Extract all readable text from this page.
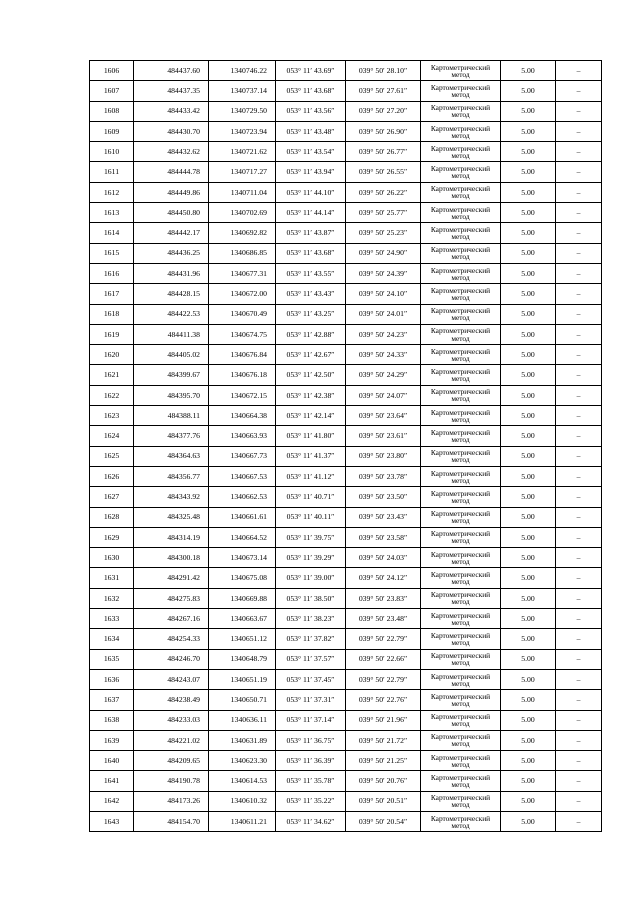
1606	484437.60	1340746.22	053° 11′ 43.69″	039° 50′ 28.10″	Картометрический метод	5.00	–
1607	484437.35	1340737.14	053° 11′ 43.68″	039° 50′ 27.61″	Картометрический метод	5.00	–
1608	484433.42	1340729.50	053° 11′ 43.56″	039° 50′ 27.20″	Картометрический метод	5.00	–
1609	484430.70	1340723.94	053° 11′ 43.48″	039° 50′ 26.90″	Картометрический метод	5.00	–
1610	484432.62	1340721.62	053° 11′ 43.54″	039° 50′ 26.77″	Картометрический метод	5.00	–
1611	484444.78	1340717.27	053° 11′ 43.94″	039° 50′ 26.55″	Картометрический метод	5.00	–
1612	484449.86	1340711.04	053° 11′ 44.10″	039° 50′ 26.22″	Картометрический метод	5.00	–
1613	484450.80	1340702.69	053° 11′ 44.14″	039° 50′ 25.77″	Картометрический метод	5.00	–
1614	484442.17	1340692.82	053° 11′ 43.87″	039° 50′ 25.23″	Картометрический метод	5.00	–
1615	484436.25	1340686.85	053° 11′ 43.68″	039° 50′ 24.90″	Картометрический метод	5.00	–
1616	484431.96	1340677.31	053° 11′ 43.55″	039° 50′ 24.39″	Картометрический метод	5.00	–
1617	484428.15	1340672.00	053° 11′ 43.43″	039° 50′ 24.10″	Картометрический метод	5.00	–
1618	484422.53	1340670.49	053° 11′ 43.25″	039° 50′ 24.01″	Картометрический метод	5.00	–
1619	484411.38	1340674.75	053° 11′ 42.88″	039° 50′ 24.23″	Картометрический метод	5.00	–
1620	484405.02	1340676.84	053° 11′ 42.67″	039° 50′ 24.33″	Картометрический метод	5.00	–
1621	484399.67	1340676.18	053° 11′ 42.50″	039° 50′ 24.29″	Картометрический метод	5.00	–
1622	484395.70	1340672.15	053° 11′ 42.38″	039° 50′ 24.07″	Картометрический метод	5.00	–
1623	484388.11	1340664.38	053° 11′ 42.14″	039° 50′ 23.64″	Картометрический метод	5.00	–
1624	484377.76	1340663.93	053° 11′ 41.80″	039° 50′ 23.61″	Картометрический метод	5.00	–
1625	484364.63	1340667.73	053° 11′ 41.37″	039° 50′ 23.80″	Картометрический метод	5.00	–
1626	484356.77	1340667.53	053° 11′ 41.12″	039° 50′ 23.78″	Картометрический метод	5.00	–
1627	484343.92	1340662.53	053° 11′ 40.71″	039° 50′ 23.50″	Картометрический метод	5.00	–
1628	484325.48	1340661.61	053° 11′ 40.11″	039° 50′ 23.43″	Картометрический метод	5.00	–
1629	484314.19	1340664.52	053° 11′ 39.75″	039° 50′ 23.58″	Картометрический метод	5.00	–
1630	484300.18	1340673.14	053° 11′ 39.29″	039° 50′ 24.03″	Картометрический метод	5.00	–
1631	484291.42	1340675.08	053° 11′ 39.00″	039° 50′ 24.12″	Картометрический метод	5.00	–
1632	484275.83	1340669.88	053° 11′ 38.50″	039° 50′ 23.83″	Картометрический метод	5.00	–
1633	484267.16	1340663.67	053° 11′ 38.23″	039° 50′ 23.48″	Картометрический метод	5.00	–
1634	484254.33	1340651.12	053° 11′ 37.82″	039° 50′ 22.79″	Картометрический метод	5.00	–
1635	484246.70	1340648.79	053° 11′ 37.57″	039° 50′ 22.66″	Картометрический метод	5.00	–
1636	484243.07	1340651.19	053° 11′ 37.45″	039° 50′ 22.79″	Картометрический метод	5.00	–
1637	484238.49	1340650.71	053° 11′ 37.31″	039° 50′ 22.76″	Картометрический метод	5.00	–
1638	484233.03	1340636.11	053° 11′ 37.14″	039° 50′ 21.96″	Картометрический метод	5.00	–
1639	484221.02	1340631.89	053° 11′ 36.75″	039° 50′ 21.72″	Картометрический метод	5.00	–
1640	484209.65	1340623.30	053° 11′ 36.39″	039° 50′ 21.25″	Картометрический метод	5.00	–
1641	484190.78	1340614.53	053° 11′ 35.78″	039° 50′ 20.76″	Картометрический метод	5.00	–
1642	484173.26	1340610.32	053° 11′ 35.22″	039° 50′ 20.51″	Картометрический метод	5.00	–
1643	484154.70	1340611.21	053° 11′ 34.62″	039° 50′ 20.54″	Картометрический метод	5.00	–
